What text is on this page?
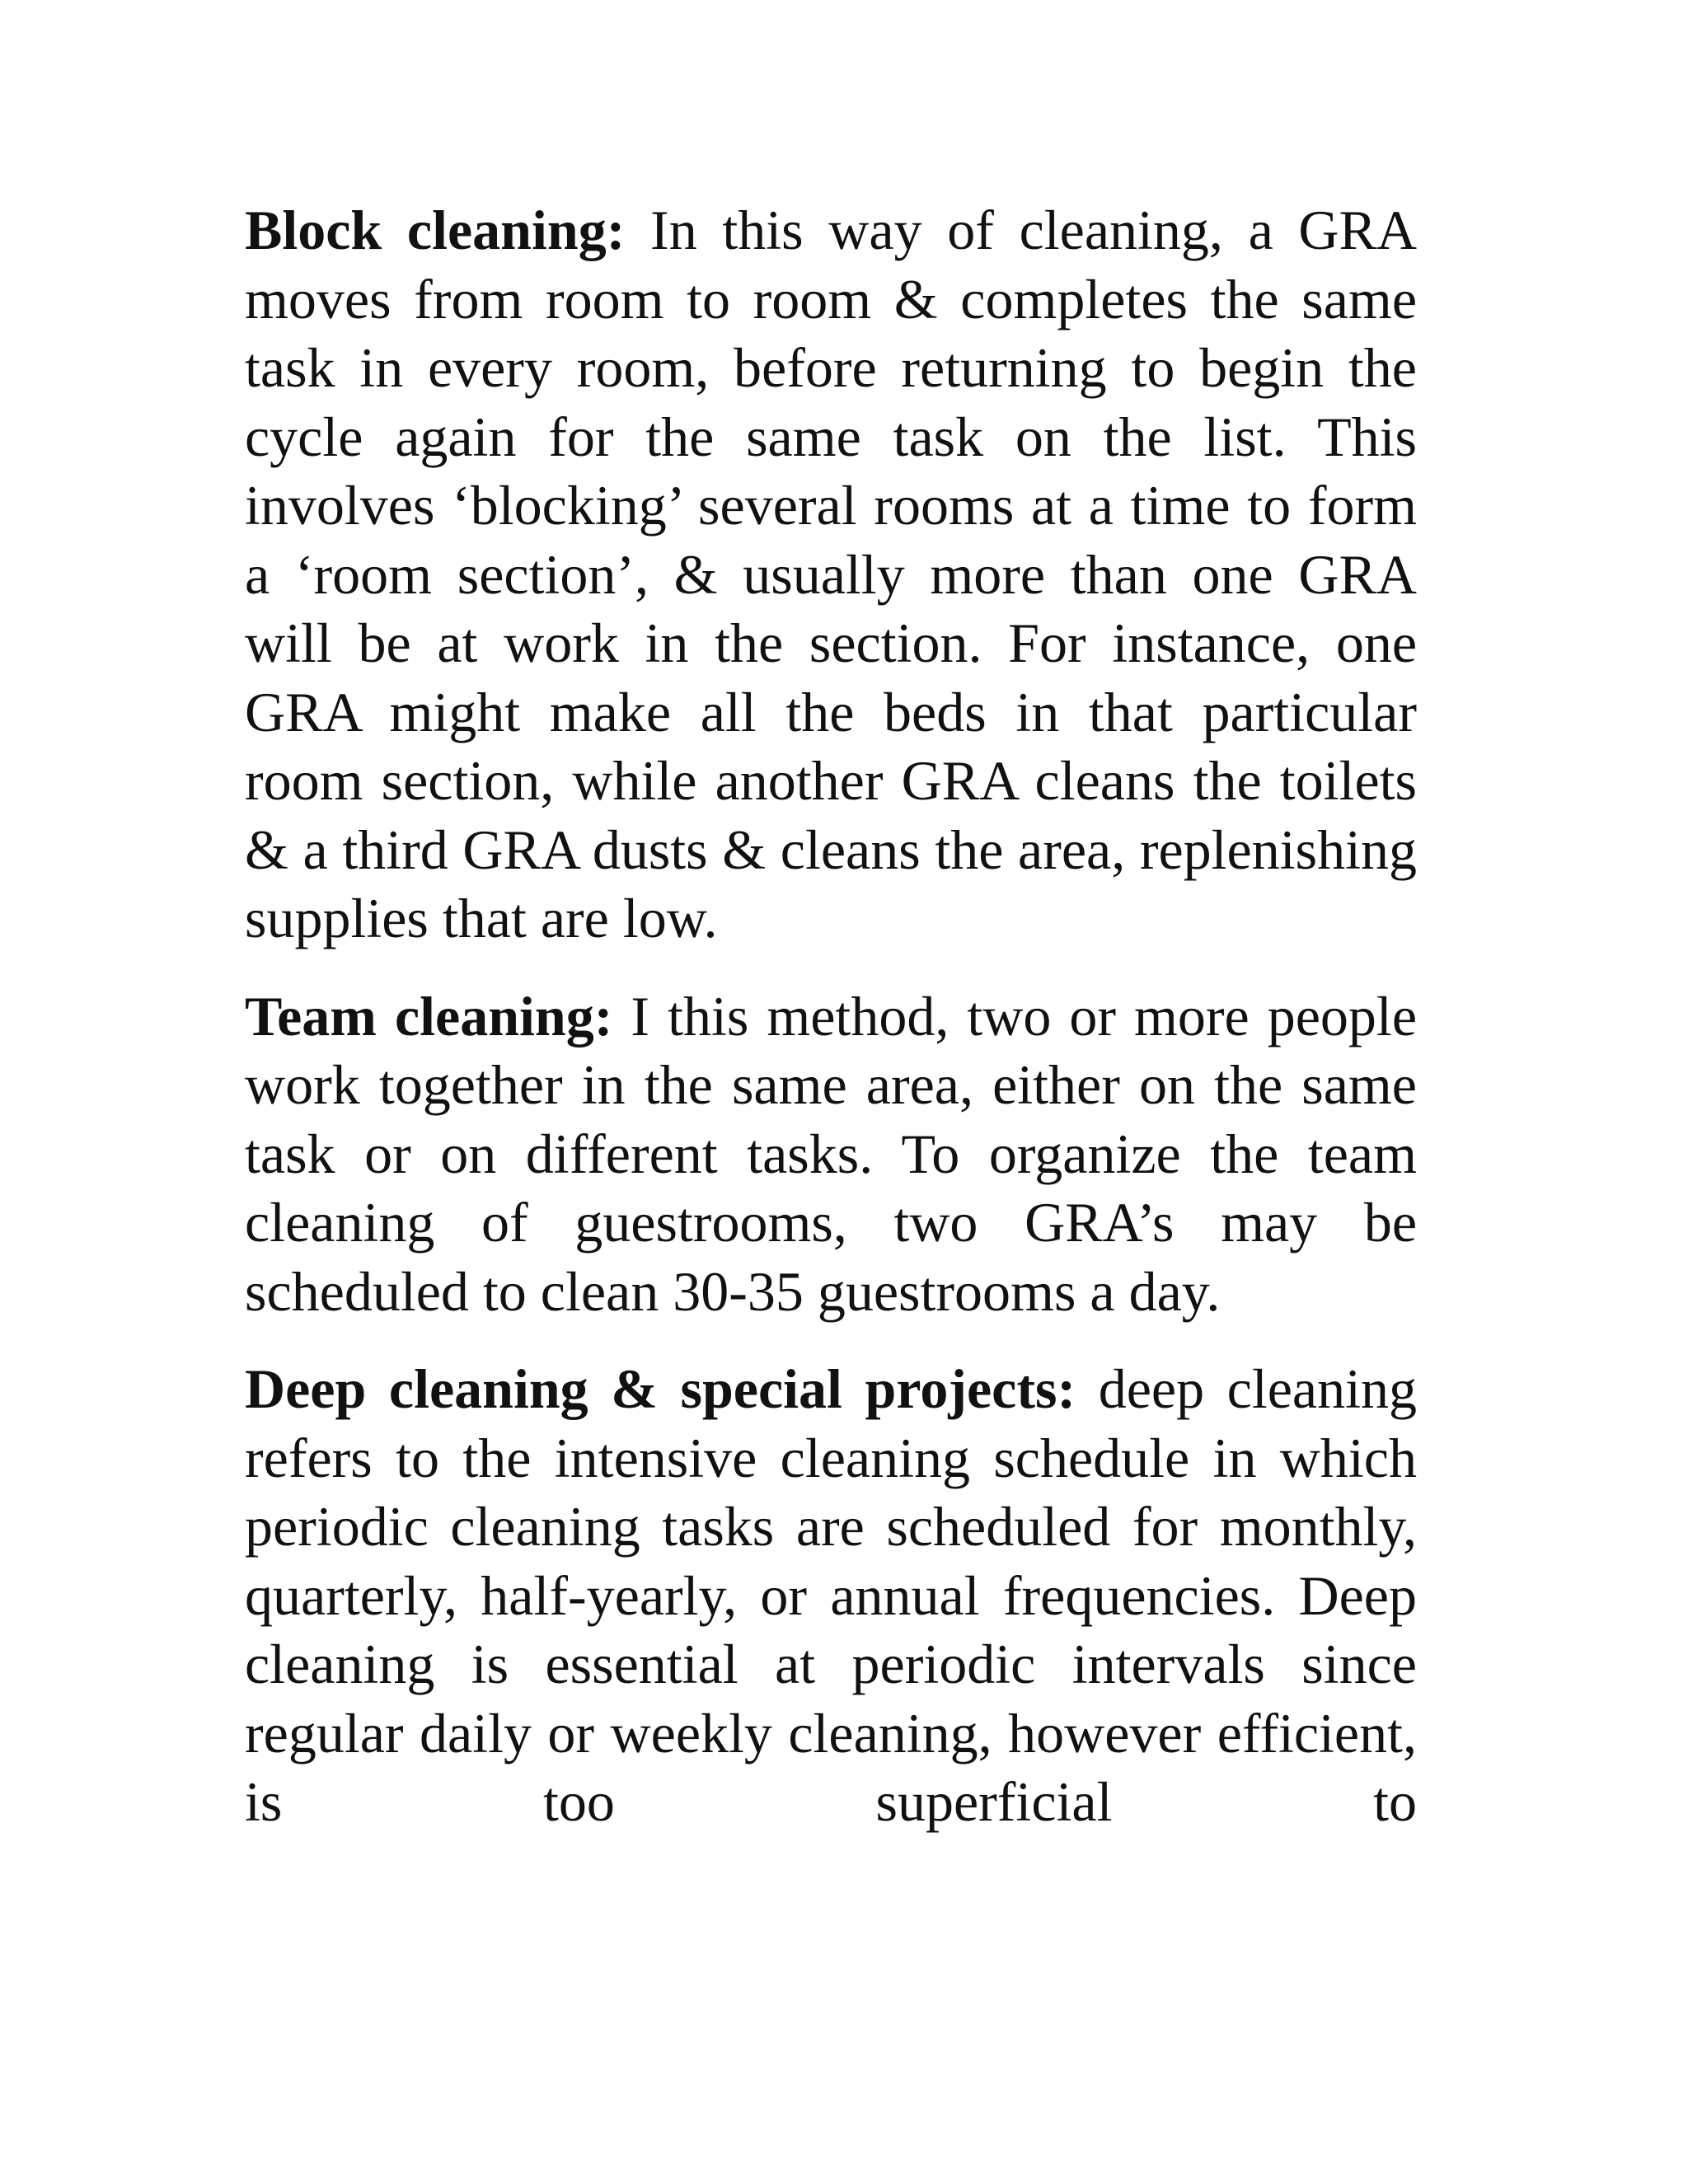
Block cleaning: In this way of cleaning, a GRA moves from room to room & completes the same task in every room, before returning to begin the cycle again for the same task on the list. This involves ‘blocking’ several rooms at a time to form a ‘room section’, & usually more than one GRA will be at work in the section. For instance, one GRA might make all the beds in that particular room section, while another GRA cleans the toilets & a third GRA dusts & cleans the area, replenishing supplies that are low.

Team cleaning: I this method, two or more people work together in the same area, either on the same task or on different tasks. To organize the team cleaning of guestrooms, two GRA’s may be scheduled to clean 30-35 guestrooms a day.

Deep cleaning & special projects: deep cleaning refers to the intensive cleaning schedule in which periodic cleaning tasks are scheduled for monthly, quarterly, half-yearly, or annual frequencies. Deep cleaning is essential at periodic intervals since regular daily or weekly cleaning, however efficient, is too superficial to
